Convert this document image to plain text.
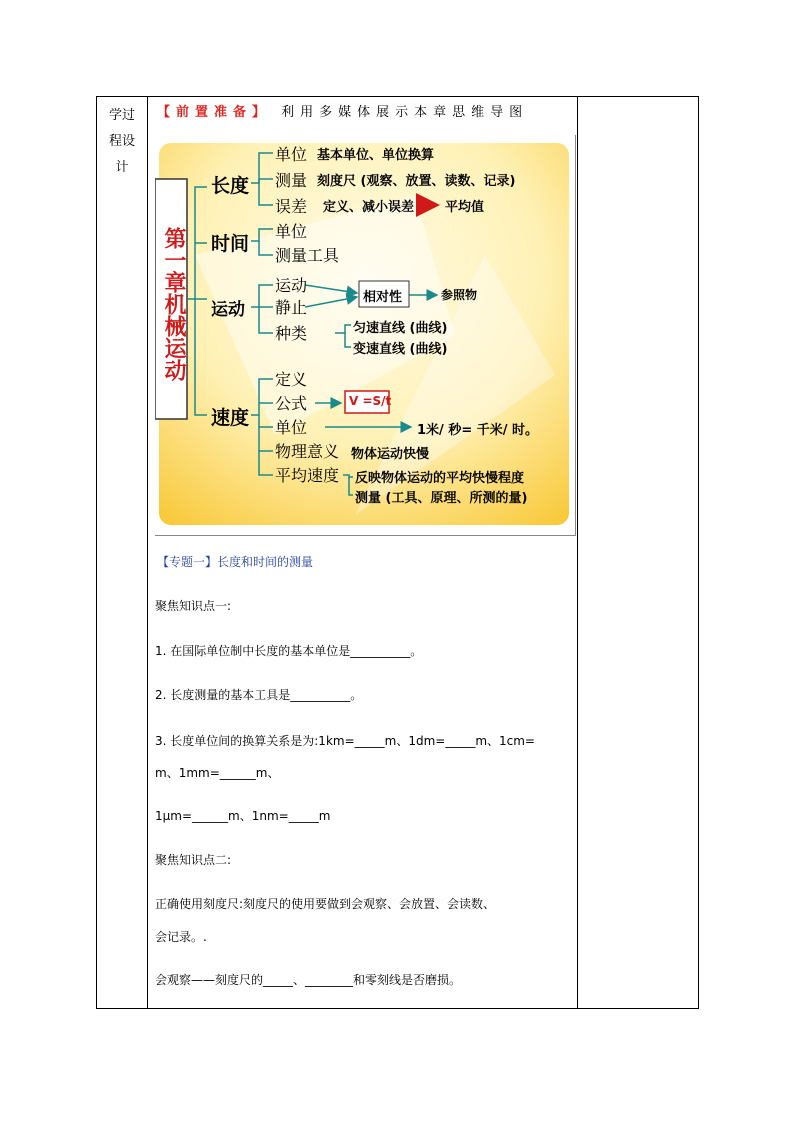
学过
程设
计
【前置准备】 利用多媒体展示本章思维导图
第一章机械运动
长度
时间
运动
速度
单位 基本单位、单位换算
测量 刻度尺 (观察、放置、读数、记录)
误差 定义、减小误差 平均值
单位
测量工具
运动
静止
种类
相对性	参照物
匀速直线 (曲线)
变速直线 (曲线)
定义
公式
单位
物理意义
平均速度
V =S/t
1米/ 秒= 千米/ 时。
物体运动快慢
反映物体运动的平均快慢程度
测量 (工具、原理、所测的量)
【专题一】长度和时间的测量
聚焦知识点一:
1. 在国际单位制中长度的基本单位是__________。
2. 长度测量的基本工具是__________。
3. 长度单位间的换算关系是为:1km=_____m、1dm=_____m、1cm=
m、1mm=______m、
1μm=______m、1nm=_____m
聚焦知识点二:
正确使用刻度尺:刻度尺的使用要做到会观察、会放置、会读数、
会记录。.
会观察——刻度尺的_____、________和零刻线是否磨损。
